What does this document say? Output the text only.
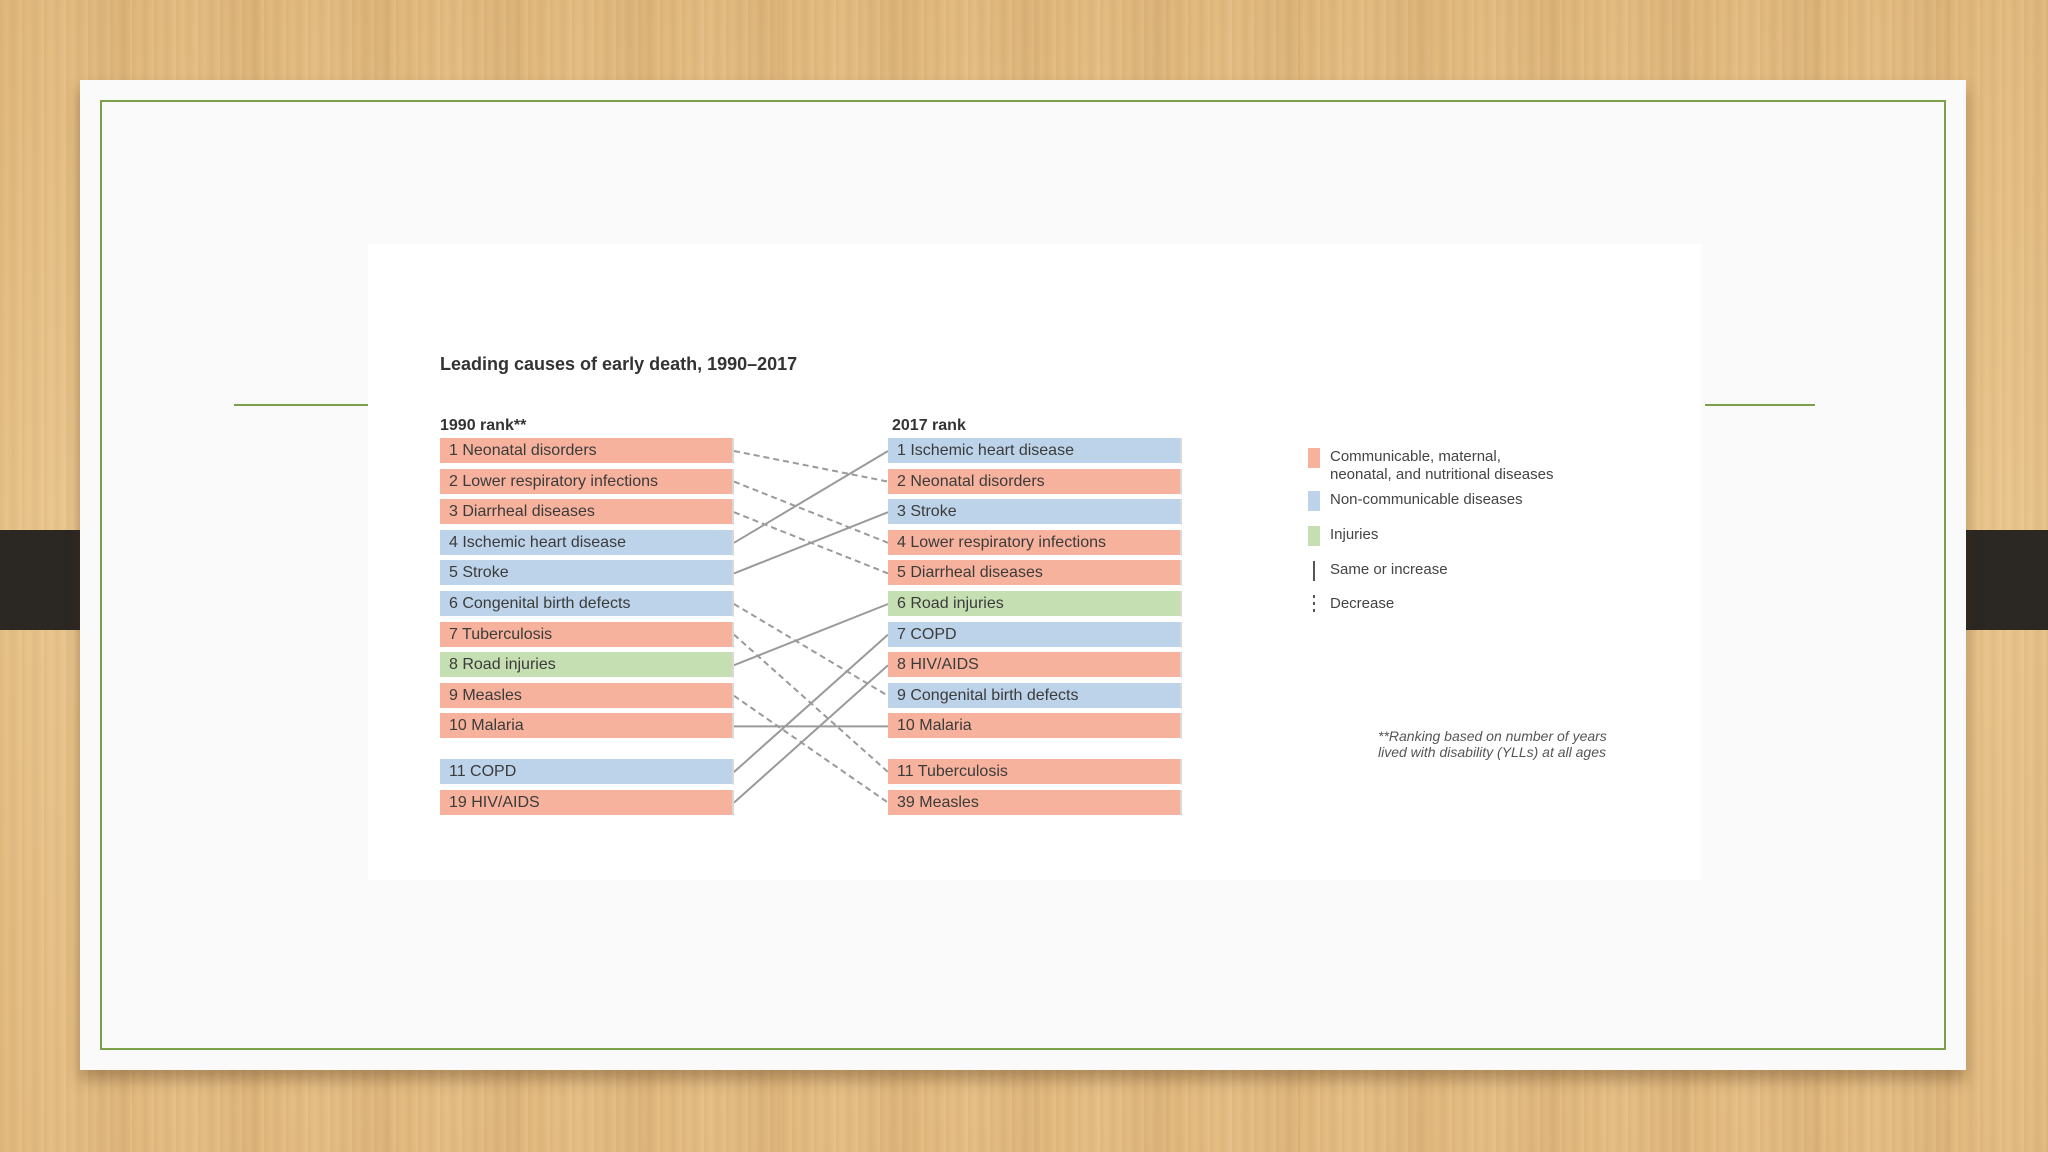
Leading causes of early death, 1990–2017
1990 rank**	2017 rank
1 Neonatal disorders
2 Lower respiratory infections
3 Diarrheal diseases
4 Ischemic heart disease
5 Stroke
6 Congenital birth defects
7 Tuberculosis
8 Road injuries
9 Measles
10 Malaria
11 COPD
19 HIV/AIDS
1 Ischemic heart disease
2 Neonatal disorders
3 Stroke
4 Lower respiratory infections
5 Diarrheal diseases
6 Road injuries
7 COPD
8 HIV/AIDS
9 Congenital birth defects
10 Malaria
11 Tuberculosis
39 Measles
Communicable, maternal,
neonatal, and nutritional diseases
Non-communicable diseases
Injuries
Same or increase
Decrease
**Ranking based on number of years
lived with disability (YLLs) at all ages
